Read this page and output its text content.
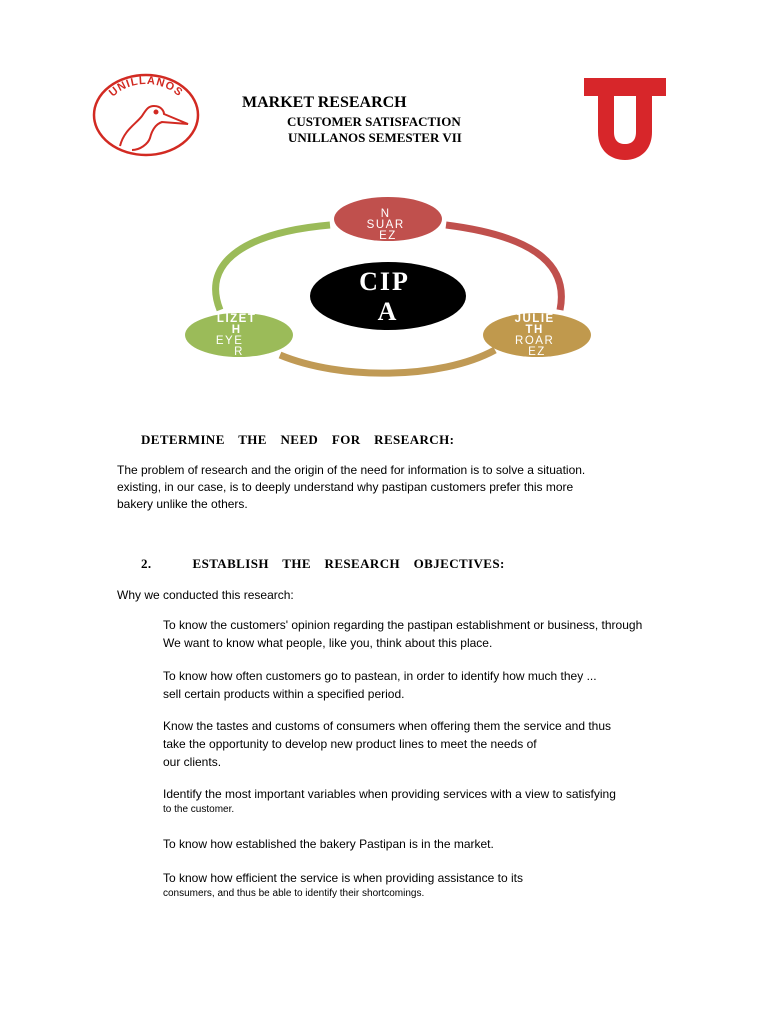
UNILLANOS
MARKET RESEARCH
CUSTOMER SATISFACTION
UNILLANOS SEMESTER VII
N SUAR EZ
LIZET H EYE R
JULIE TH ROAR EZ
CIP A
DETERMINE THE NEED FOR RESEARCH:
The problem of research and the origin of the need for information is to solve a situation.
existing, in our case, is to deeply understand why pastipan customers prefer this more
bakery unlike the others.
2.   ESTABLISH THE RESEARCH OBJECTIVES:
Why we conducted this research:
To know the customers' opinion regarding the pastipan establishment or business, through
We want to know what people, like you, think about this place.
To know how often customers go to pastean, in order to identify how much they ...
sell certain products within a specified period.
Know the tastes and customs of consumers when offering them the service and thus
take the opportunity to develop new product lines to meet the needs of
our clients.
Identify the most important variables when providing services with a view to satisfying
to the customer.
To know how established the bakery Pastipan is in the market.
To know how efficient the service is when providing assistance to its
consumers, and thus be able to identify their shortcomings.
